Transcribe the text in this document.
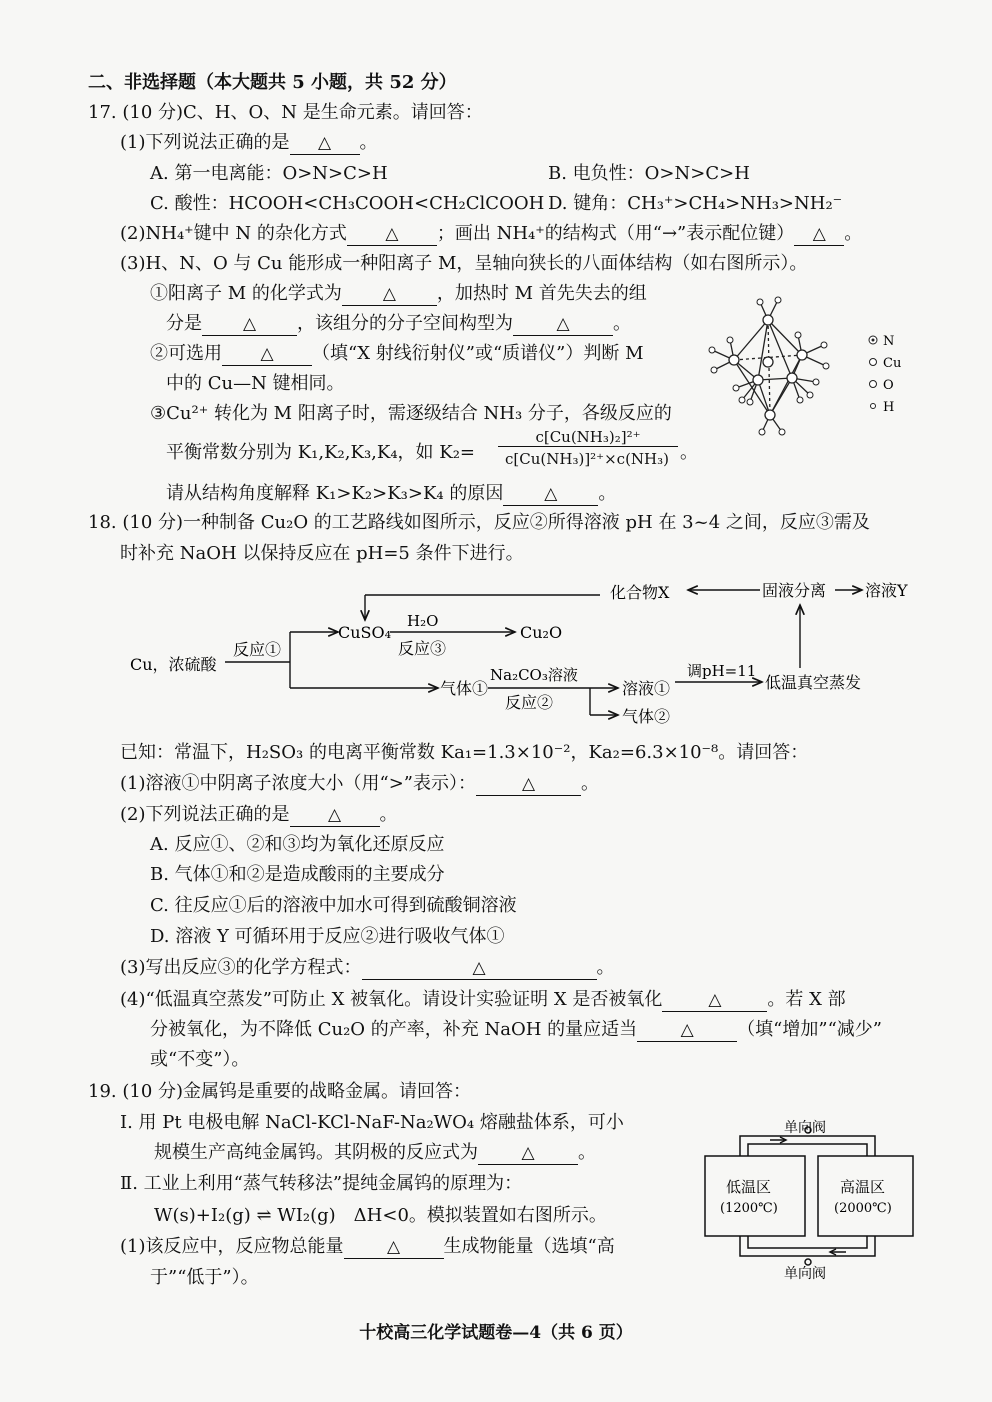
二、非选择题（本大题共 5 小题，共 52 分）
17. (10 分)C、H、O、N 是生命元素。请回答：
(1)下列说法正确的是 △ 。
A. 第一电离能：O>N>C>H	B. 电负性：O>N>C>H
C. 酸性：HCOOH<CH₃COOH<CH₂ClCOOH D. 键角：CH₃⁺>CH₄>NH₃>NH₂⁻
(2)NH₄⁺键中 N 的杂化方式 △ ；画出 NH₄⁺的结构式（用“→”表示配位键） △ 。
(3)H、N、O 与 Cu 能形成一种阳离子 M，呈轴向狭长的八面体结构（如右图所示）。
①阳离子 M 的化学式为 △ ，加热时 M 首先失去的组
分是 △ ，该组分的分子空间构型为	△ 。
②可选用 △ （填“X 射线衍射仪”或“质谱仪”）判断 M
中的 Cu—N 键相同。
③Cu²⁺ 转化为 M 阳离子时，需逐级结合 NH₃ 分子，各级反应的
平衡常数分别为 K₁,K₂,K₃,K₄，如 K₂=
c[Cu(NH₃)₂]²⁺
c[Cu(NH₃)]²⁺×c(NH₃) 。
请从结构角度解释 K₁>K₂>K₃>K₄ 的原因 △ 。
N
Cu
O
H
18. (10 分)一种制备 Cu₂O 的工艺路线如图所示，反应②所得溶液 pH 在 3~4 之间，反应③需及
时补充 NaOH 以保持反应在 pH=5 条件下进行。
Cu，浓硫酸
反应①
CuSO₄
H₂O
反应③
Cu₂O
气体①
Na₂CO₃溶液
反应②
溶液①
气体②
调pH=11
低温真空蒸发
固液分离 溶液Y
化合物X
已知：常温下，H₂SO₃ 的电离平衡常数 Ka₁=1.3×10⁻²，Ka₂=6.3×10⁻⁸。请回答：
(1)溶液①中阴离子浓度大小（用“>”表示）：	△	。
(2)下列说法正确的是 △ 。
A. 反应①、②和③均为氧化还原反应
B. 气体①和②是造成酸雨的主要成分
C. 往反应①后的溶液中加水可得到硫酸铜溶液
D. 溶液 Y 可循环用于反应②进行吸收气体①
(3)写出反应③的化学方程式：	△	。
(4)“低温真空蒸发”可防止 X 被氧化。请设计实验证明 X 是否被氧化	△	。若 X 部
分被氧化，为不降低 Cu₂O 的产率，补充 NaOH 的量应适当	△ （填“增加”“减少”
或“不变”）。
19. (10 分)金属钨是重要的战略金属。请回答：
Ⅰ. 用 Pt 电极电解 NaCl-KCl-NaF-Na₂WO₄ 熔融盐体系，可小
规模生产高纯金属钨。其阴极的反应式为	△ 。
Ⅱ. 工业上利用“蒸气转移法”提纯金属钨的原理为：
W(s)+I₂(g) ⇌ WI₂(g)　ΔH<0。模拟装置如右图所示。
(1)该反应中，反应物总能量	△ 生成物能量（选填“高
于”“低于”）。
单向阀
单向阀
低温区
(1200℃)
高温区
(2000℃)
十校高三化学试题卷—4（共 6 页）
